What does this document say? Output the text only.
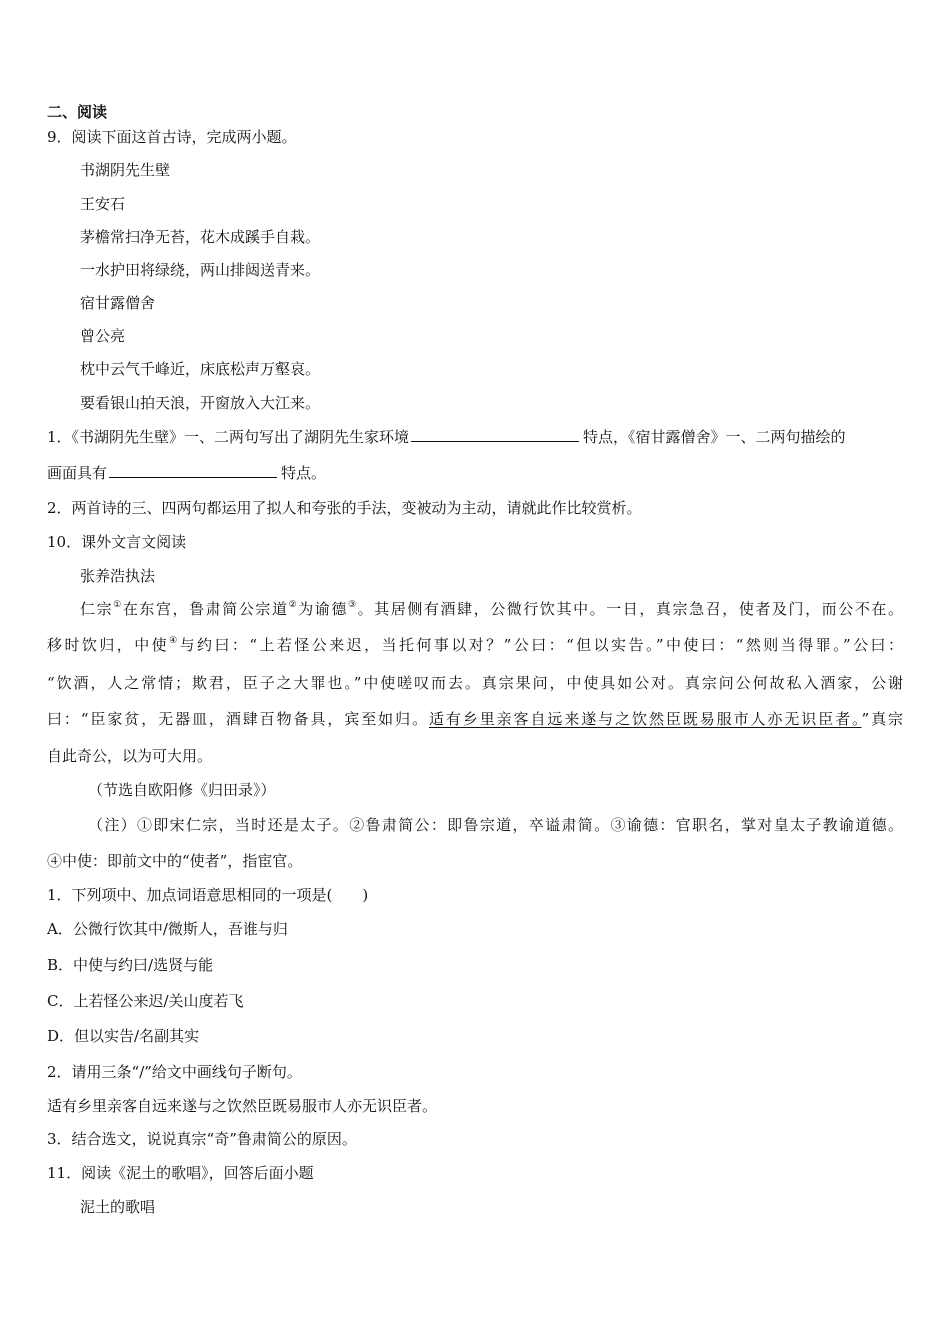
二、阅读
9．阅读下面这首古诗，完成两小题。
书湖阴先生壁
王安石
茅檐常扫净无苔，花木成蹊手自栽。
一水护田将绿绕，两山排闼送青来。
宿甘露僧舍
曾公亮
枕中云气千峰近，床底松声万壑哀。
要看银山拍天浪，开窗放入大江来。
1．《书湖阴先生壁》一、二两句写出了湖阴先生家环境	特点，《宿甘露僧舍》一、二两句描绘的
画面具有	特点。
2．两首诗的三、四两句都运用了拟人和夸张的手法，变被动为主动，请就此作比较赏析。
10．课外文言文阅读
张养浩执法
仁宗①在东宫，鲁肃简公宗道②为谕德③。其居侧有酒肆，公微行饮其中。一日，真宗急召，使者及门，而公不在。
移时饮归，中使④与约曰：“上若怪公来迟，当托何事以对？”公曰：“但以实告。”中使曰：“然则当得罪。”公曰：
“饮酒，人之常情；欺君，臣子之大罪也。”中使嗟叹而去。真宗果问，中使具如公对。真宗问公何故私入酒家，公谢
曰：“臣家贫，无器皿，酒肆百物备具，宾至如归。适有乡里亲客自远来遂与之饮然臣既易服市人亦无识臣者。”真宗
自此奇公，以为可大用。
（节选自欧阳修《归田录》）
（注）①即宋仁宗，当时还是太子。②鲁肃简公：即鲁宗道，卒谥肃简。③谕德：官职名，掌对皇太子教谕道德。
④中使：即前文中的“使者”，指宦官。
1．下列项中、加点词语意思相同的一项是(　　)
A．公微行饮其中/微斯人，吾谁与归
B．中使与约曰/选贤与能
C．上若怪公来迟/关山度若飞
D．但以实告/名副其实
2．请用三条“/”给文中画线句子断句。
适有乡里亲客自远来遂与之饮然臣既易服市人亦无识臣者。
3．结合选文，说说真宗“奇”鲁肃简公的原因。
11．阅读《泥土的歌唱》，回答后面小题
泥土的歌唱
